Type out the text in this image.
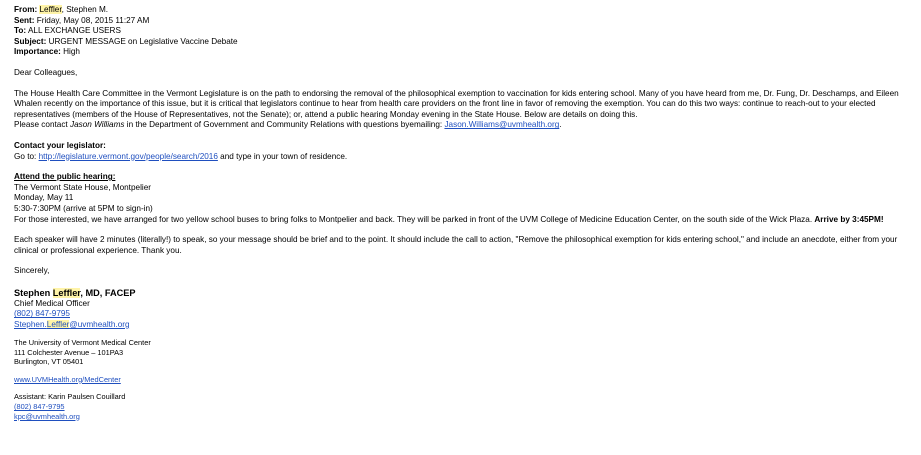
From: Leffler, Stephen M.
Sent: Friday, May 08, 2015 11:27 AM
To: ALL EXCHANGE USERS
Subject: URGENT MESSAGE on Legislative Vaccine Debate
Importance: High

Dear Colleagues,

The House Health Care Committee in the Vermont Legislature is on the path to endorsing the removal of the philosophical exemption to vaccination for kids entering school. Many of you have heard from me, Dr. Fung, Dr. Deschamps, and Eileen Whalen recently on the importance of this issue, but it is critical that legislators continue to hear from health care providers on the front line in favor of removing the exemption. You can do this two ways: continue to reach-out to your elected representatives (members of the House of Representatives, not the Senate); or, attend a public hearing Monday evening in the State House. Below are details on doing this.

Please contact Jason Williams in the Department of Government and Community Relations with questions byemailing: Jason.Williams@uvmhealth.org.

Contact your legislator:

Go to: http://legislature.vermont.gov/people/search/2016 and type in your town of residence.

Attend the public hearing:

The Vermont State House, Montpelier

Monday, May 11

5:30-7:30PM (arrive at 5PM to sign-in)

For those interested, we have arranged for two yellow school buses to bring folks to Montpelier and back. They will be parked in front of the UVM College of Medicine Education Center, on the south side of the Wick Plaza. Arrive by 3:45PM!

Each speaker will have 2 minutes (literally!) to speak, so your message should be brief and to the point. It should include the call to action, "Remove the philosophical exemption for kids entering school," and include an anecdote, either from your clinical or professional experience. Thank you.

Sincerely,

Stephen Leffler, MD, FACEP
Chief Medical Officer
(802) 847-9795
Stephen.Leffler@uvmhealth.org
The University of Vermont Medical Center
111 Colchester Avenue – 101PA3
Burlington, VT 05401
www.UVMHealth.org/MedCenter
Assistant: Karin Paulsen Couillard
(802) 847-9795
kpc@uvmhealth.org
